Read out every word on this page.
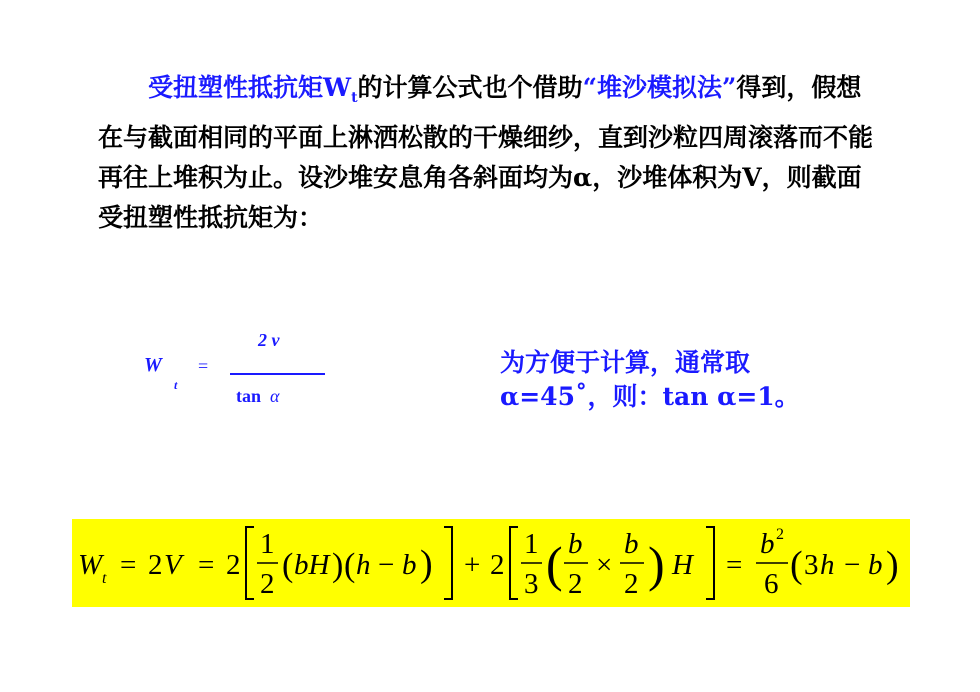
  受扭塑性抵抗矩$W_t$的计算公式也个借助“堆沙模拟法”得到，假想在与截面相同的平面上淋洒松散的干燥细纱，直到沙粒四周滚落而不能再往上堆积为止。设沙堆安息角各斜面均为α，沙堆体积为V，则截面受扭塑性抵抗矩为：
W
t
=
2 v
tan α
为方便于计算，通常取
α=45˚，则：tan α=1。
W t = 2 V = 2
1
2 ( bH ) ( h − b ) + 2
1
3 ( b
2
×
b
2 ) H =
b 2
6 ( 3 h − b )
